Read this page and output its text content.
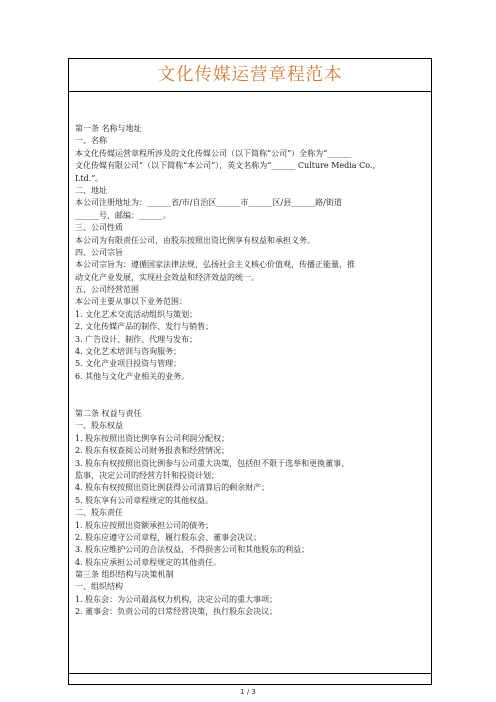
文化传媒运营章程范本
第一条 名称与地址
一、名称
本文化传媒运营章程所涉及的文化传媒公司（以下简称“公司”）全称为“______
文化传媒有限公司”（以下简称“本公司”），英文名称为“______ Culture Media Co.,
Ltd.”。
二、地址
本公司注册地址为：______省/市/自治区______市______区/县______路/街道
______号，邮编：______。
三、公司性质
本公司为有限责任公司，由股东按照出资比例享有权益和承担义务。
四、公司宗旨
本公司宗旨为：遵循国家法律法规，弘扬社会主义核心价值观，传播正能量，推
动文化产业发展，实现社会效益和经济效益的统一。
五、公司经营范围
本公司主要从事以下业务范围：
1. 文化艺术交流活动组织与策划；
2. 文化传媒产品的制作、发行与销售；
3. 广告设计、制作、代理与发布；
4. 文化艺术培训与咨询服务；
5. 文化产业项目投资与管理；
6. 其他与文化产业相关的业务。
第二条 权益与责任
一、股东权益
1. 股东按照出资比例享有公司利润分配权；
2. 股东有权查阅公司财务报表和经营情况；
3. 股东有权按照出资比例参与公司重大决策，包括但不限于选举和更换董事、
监事，决定公司的经营方针和投资计划；
4. 股东有权按照出资比例获得公司清算后的剩余财产；
5. 股东享有公司章程规定的其他权益。
二、股东责任
1. 股东应按照出资额承担公司的债务；
2. 股东应遵守公司章程，履行股东会、董事会决议；
3. 股东应维护公司的合法权益，不得损害公司和其他股东的利益；
4. 股东应承担公司章程规定的其他责任。
第三条 组织结构与决策机制
一、组织结构
1. 股东会：为公司最高权力机构，决定公司的重大事项；
2. 董事会：负责公司的日常经营决策，执行股东会决议；
1 / 3
